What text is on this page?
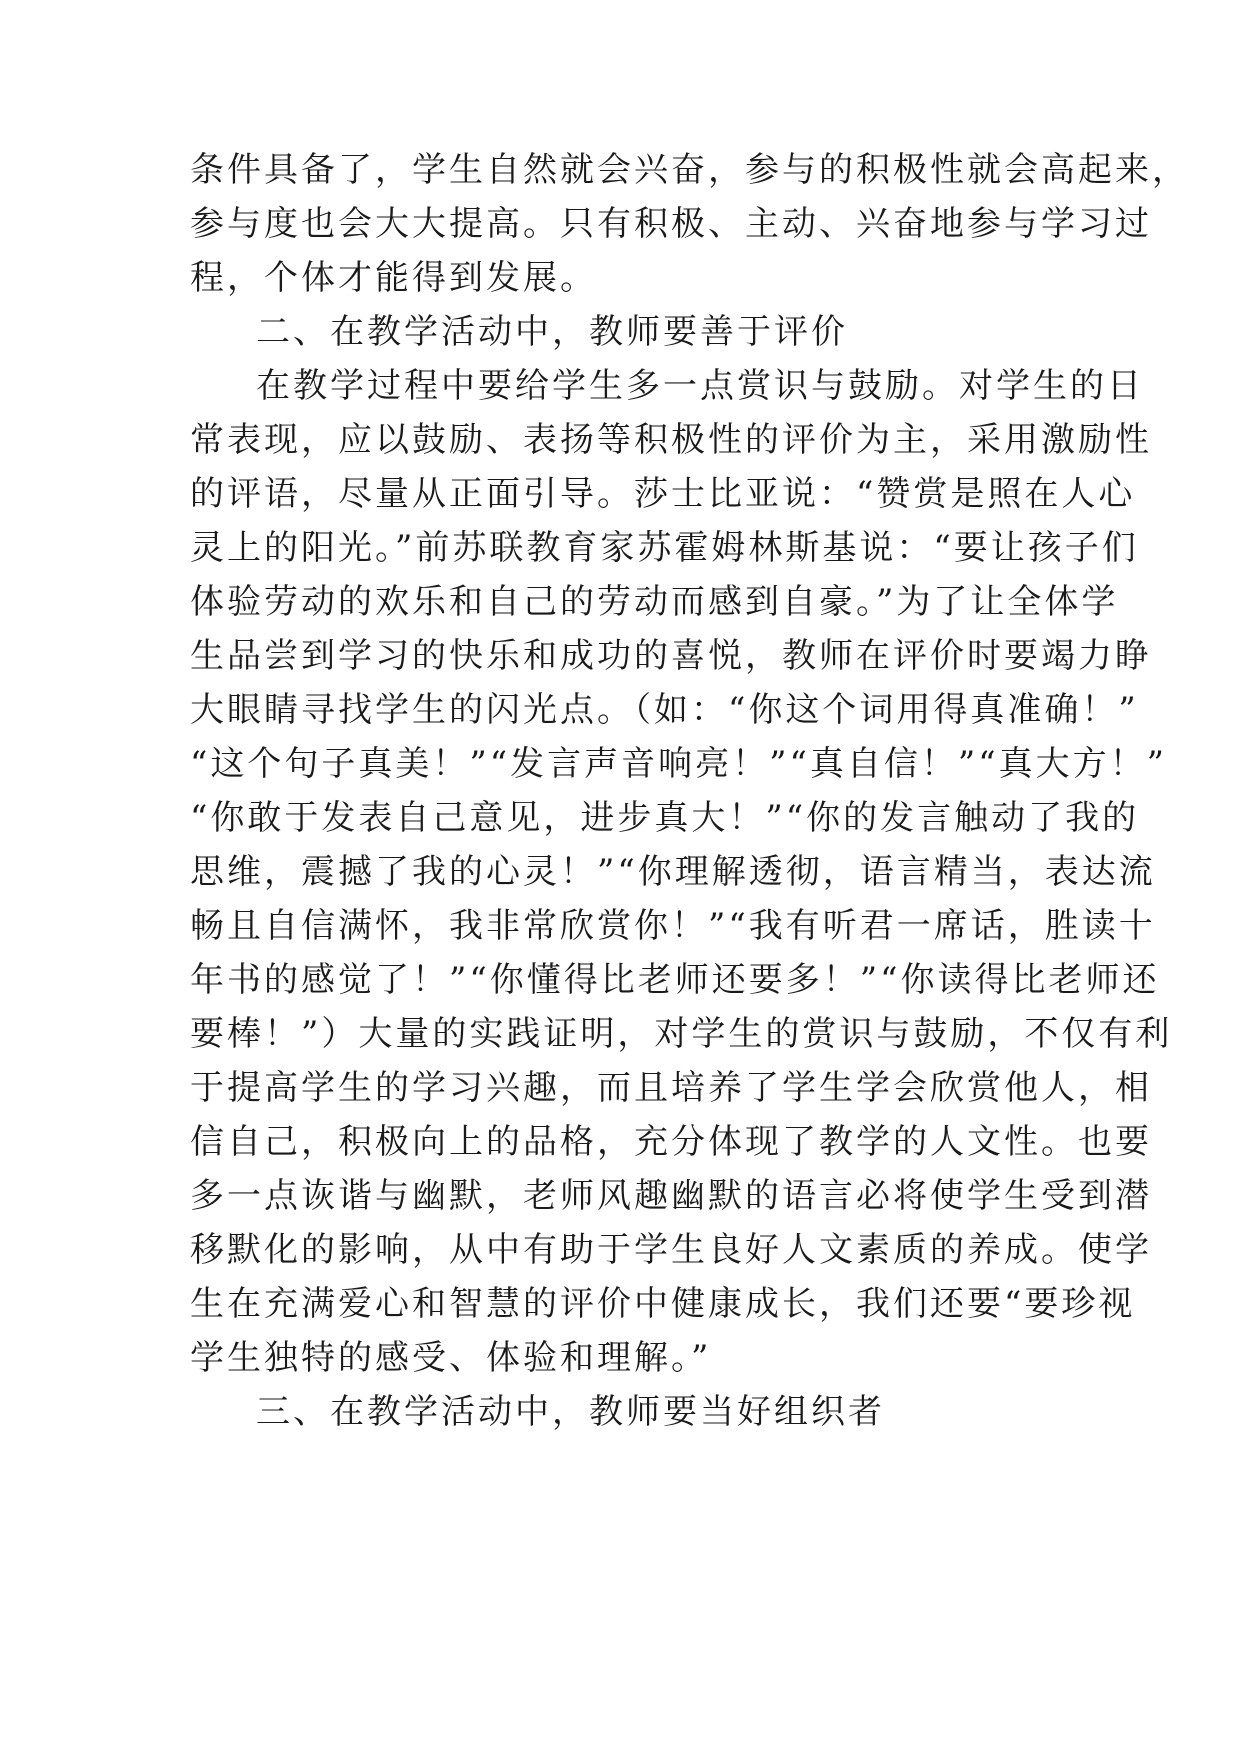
条件具备了，学生自然就会兴奋，参与的积极性就会高起来，
参与度也会大大提高。只有积极、主动、兴奋地参与学习过
程，个体才能得到发展。
二、在教学活动中，教师要善于评价
在教学过程中要给学生多一点赏识与鼓励。对学生的日
常表现，应以鼓励、表扬等积极性的评价为主，采用激励性
的评语，尽量从正面引导。莎士比亚说：“赞赏是照在人心
灵上的阳光。”前苏联教育家苏霍姆林斯基说：“要让孩子们
体验劳动的欢乐和自己的劳动而感到自豪。”为了让全体学
生品尝到学习的快乐和成功的喜悦，教师在评价时要竭力睁
大眼睛寻找学生的闪光点。（如：“你这个词用得真准确！”
“这个句子真美！”“发言声音响亮！”“真自信！”“真大方！”
“你敢于发表自己意见，进步真大！”“你的发言触动了我的
思维，震撼了我的心灵！”“你理解透彻，语言精当，表达流
畅且自信满怀，我非常欣赏你！”“我有听君一席话，胜读十
年书的感觉了！”“你懂得比老师还要多！”“你读得比老师还
要棒！”）大量的实践证明，对学生的赏识与鼓励，不仅有利
于提高学生的学习兴趣，而且培养了学生学会欣赏他人，相
信自己，积极向上的品格，充分体现了教学的人文性。也要
多一点诙谐与幽默，老师风趣幽默的语言必将使学生受到潜
移默化的影响，从中有助于学生良好人文素质的养成。使学
生在充满爱心和智慧的评价中健康成长，我们还要“要珍视
学生独特的感受、体验和理解。”
三、在教学活动中，教师要当好组织者
